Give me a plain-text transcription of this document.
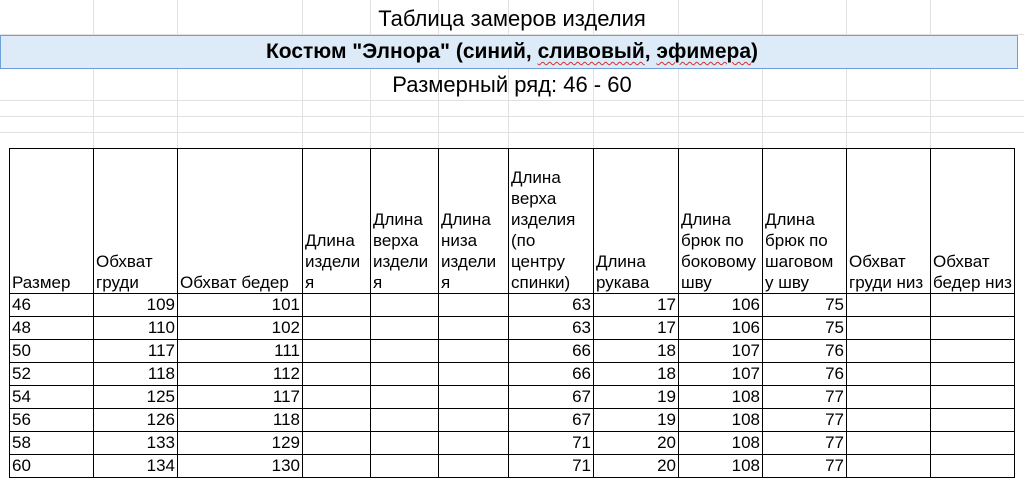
Таблица замеров изделия
Костюм "Элнора" (синий, сливовый, эфимера)
Размерный ряд: 46 - 60
Размер	Обхват груди	Обхват бедер	Длина издели я	Длина верха издели я	Длина низа издели я	Длина верха изделия (по центру спинки)	Длина рукава	Длина брюк по боковому шву	Длина брюк по шаговом у шву	Обхват груди низ	Обхват бедер низ
46	109	101				63	17	106	75		
48	110	102				63	17	106	75		
50	117	111				66	18	107	76		
52	118	112				66	18	107	76		
54	125	117				67	19	108	77		
56	126	118				67	19	108	77		
58	133	129				71	20	108	77		
60	134	130				71	20	108	77		
